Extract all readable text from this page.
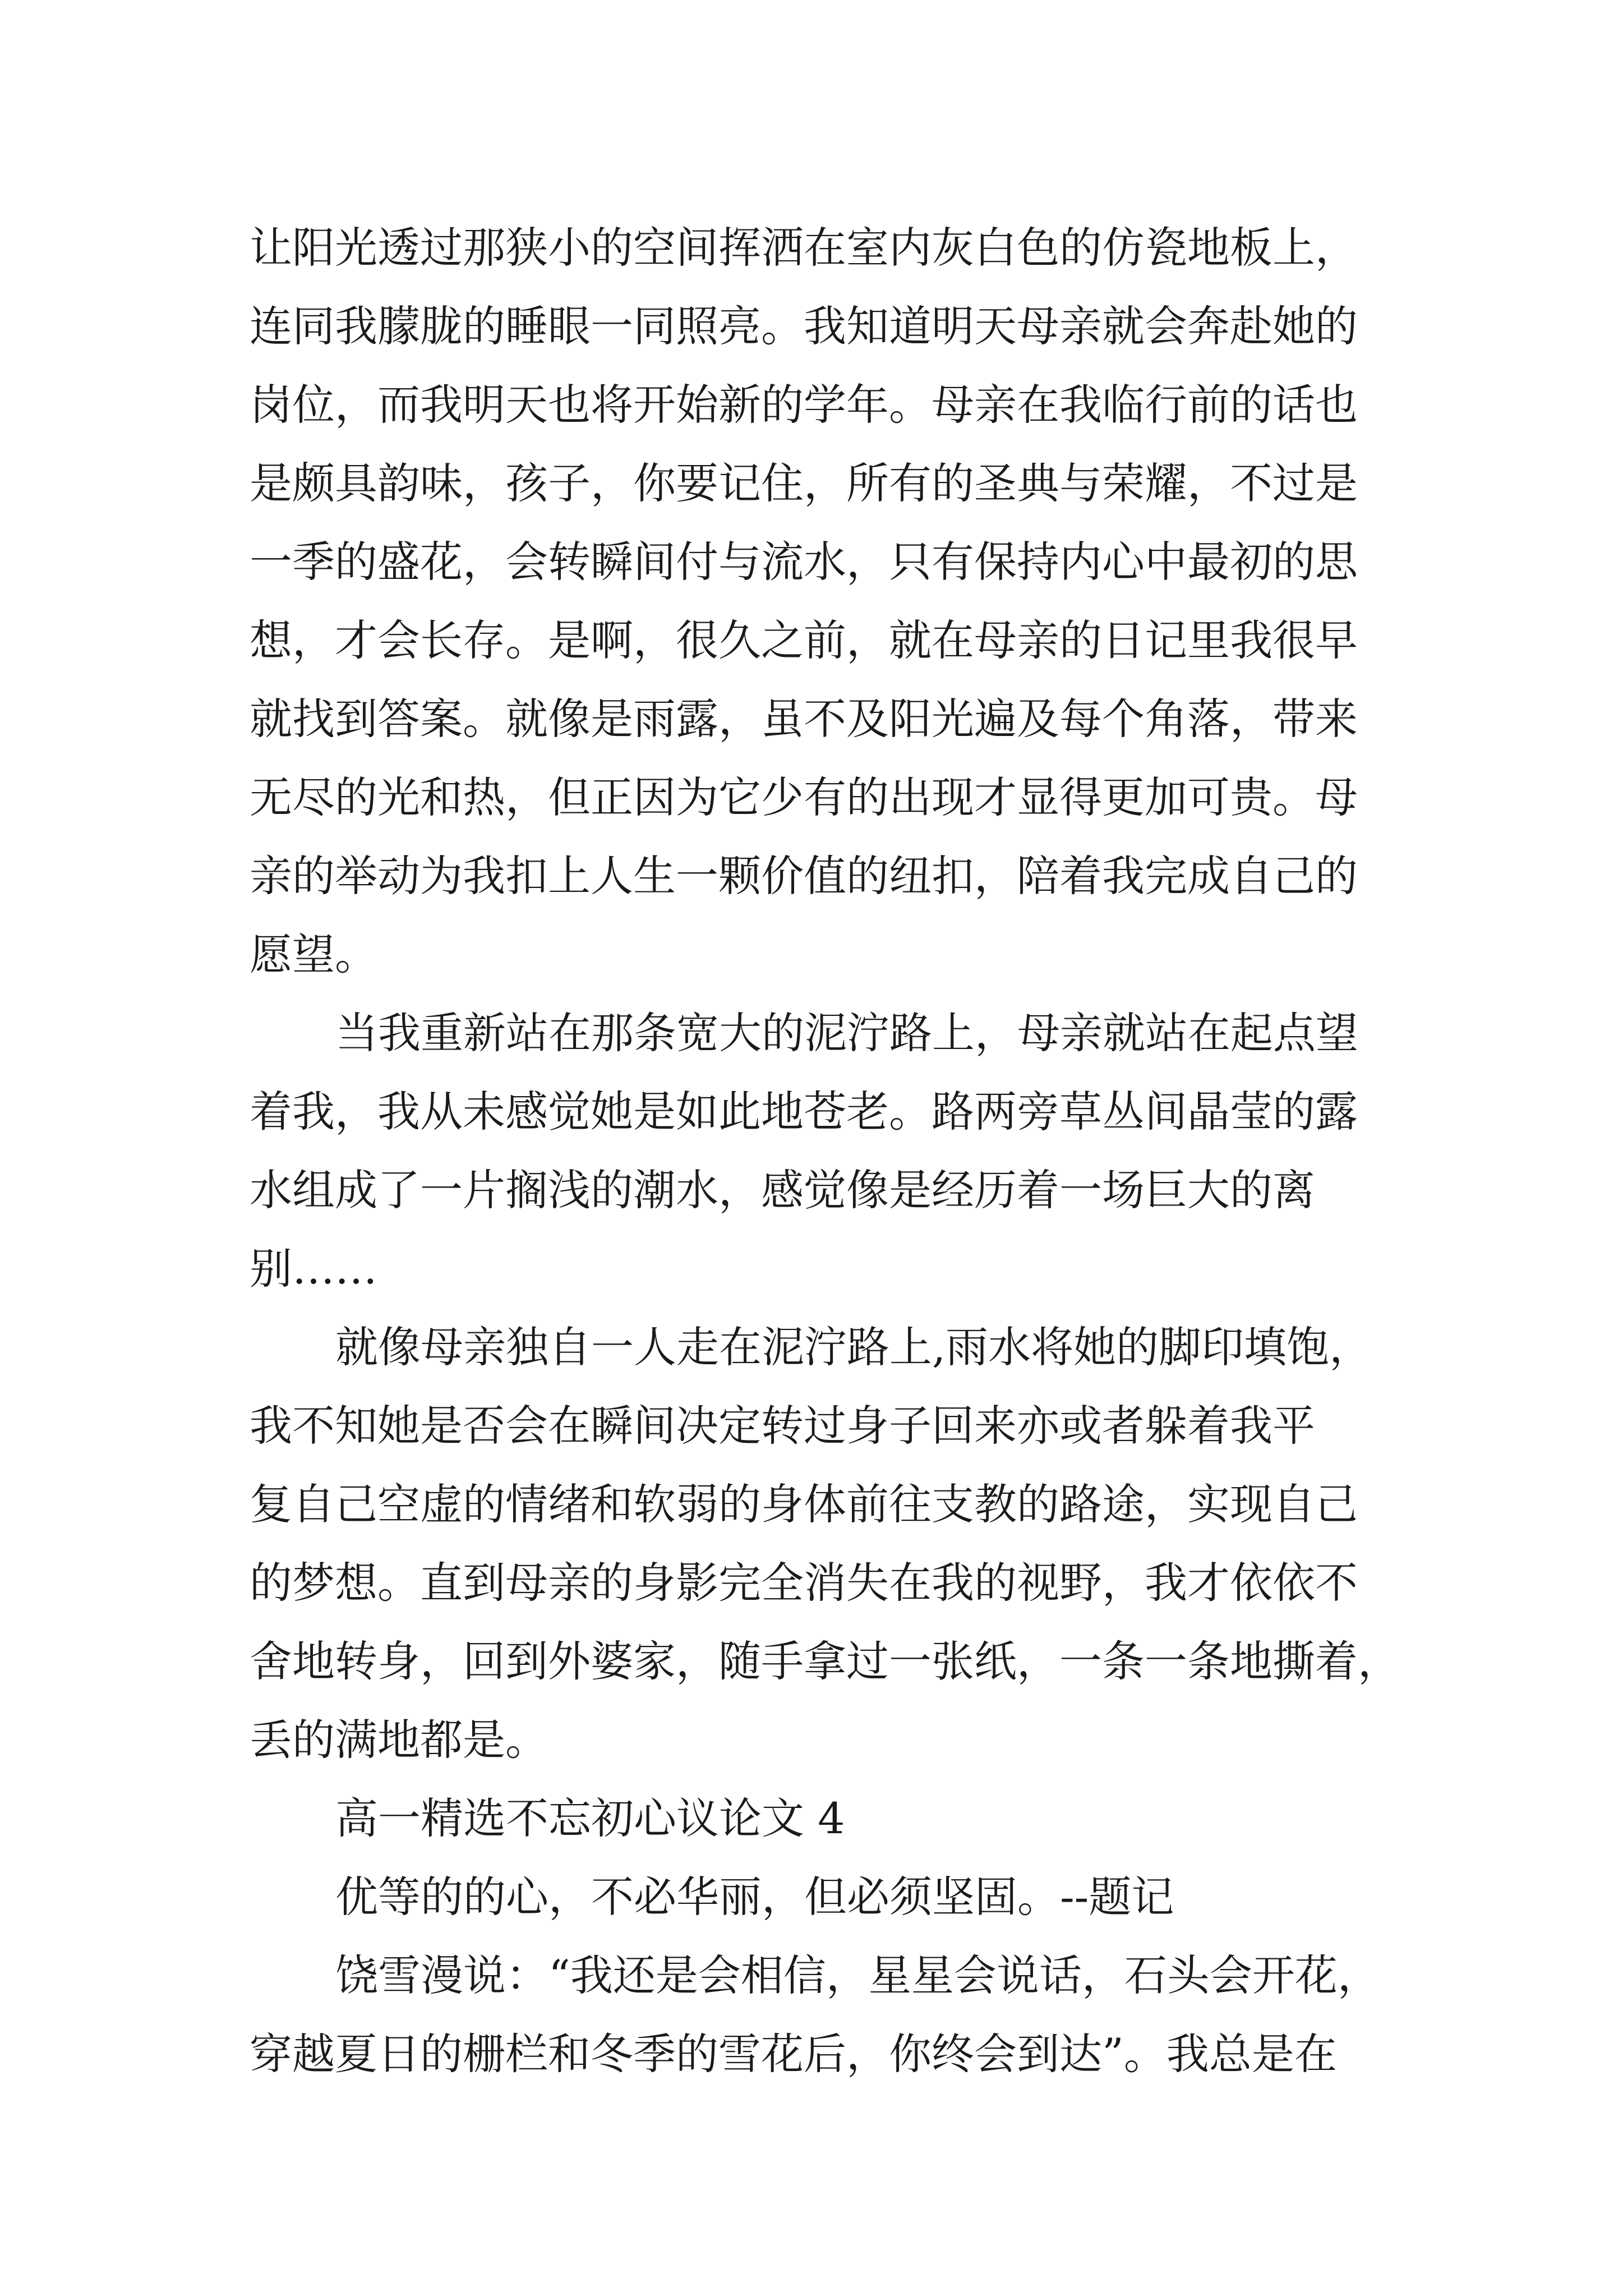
让阳光透过那狭小的空间挥洒在室内灰白色的仿瓷地板上，

连同我朦胧的睡眼一同照亮。我知道明天母亲就会奔赴她的

岗位，而我明天也将开始新的学年。母亲在我临行前的话也

是颇具韵味，孩子，你要记住，所有的圣典与荣耀，不过是

一季的盛花，会转瞬间付与流水，只有保持内心中最初的思

想，才会长存。是啊，很久之前，就在母亲的日记里我很早

就找到答案。就像是雨露，虽不及阳光遍及每个角落，带来

无尽的光和热，但正因为它少有的出现才显得更加可贵。母

亲的举动为我扣上人生一颗价值的纽扣，陪着我完成自己的

愿望。

当我重新站在那条宽大的泥泞路上，母亲就站在起点望

着我，我从未感觉她是如此地苍老。路两旁草丛间晶莹的露

水组成了一片搁浅的潮水，感觉像是经历着一场巨大的离

别……

就像母亲独自一人走在泥泞路上,雨水将她的脚印填饱，

我不知她是否会在瞬间决定转过身子回来亦或者躲着我平

复自己空虚的情绪和软弱的身体前往支教的路途，实现自己

的梦想。直到母亲的身影完全消失在我的视野，我才依依不

舍地转身，回到外婆家，随手拿过一张纸，一条一条地撕着，

丢的满地都是。

高一精选不忘初心议论文 4

优等的的心，不必华丽，但必须坚固。--题记

饶雪漫说：“我还是会相信，星星会说话，石头会开花，

穿越夏日的栅栏和冬季的雪花后，你终会到达”。我总是在
